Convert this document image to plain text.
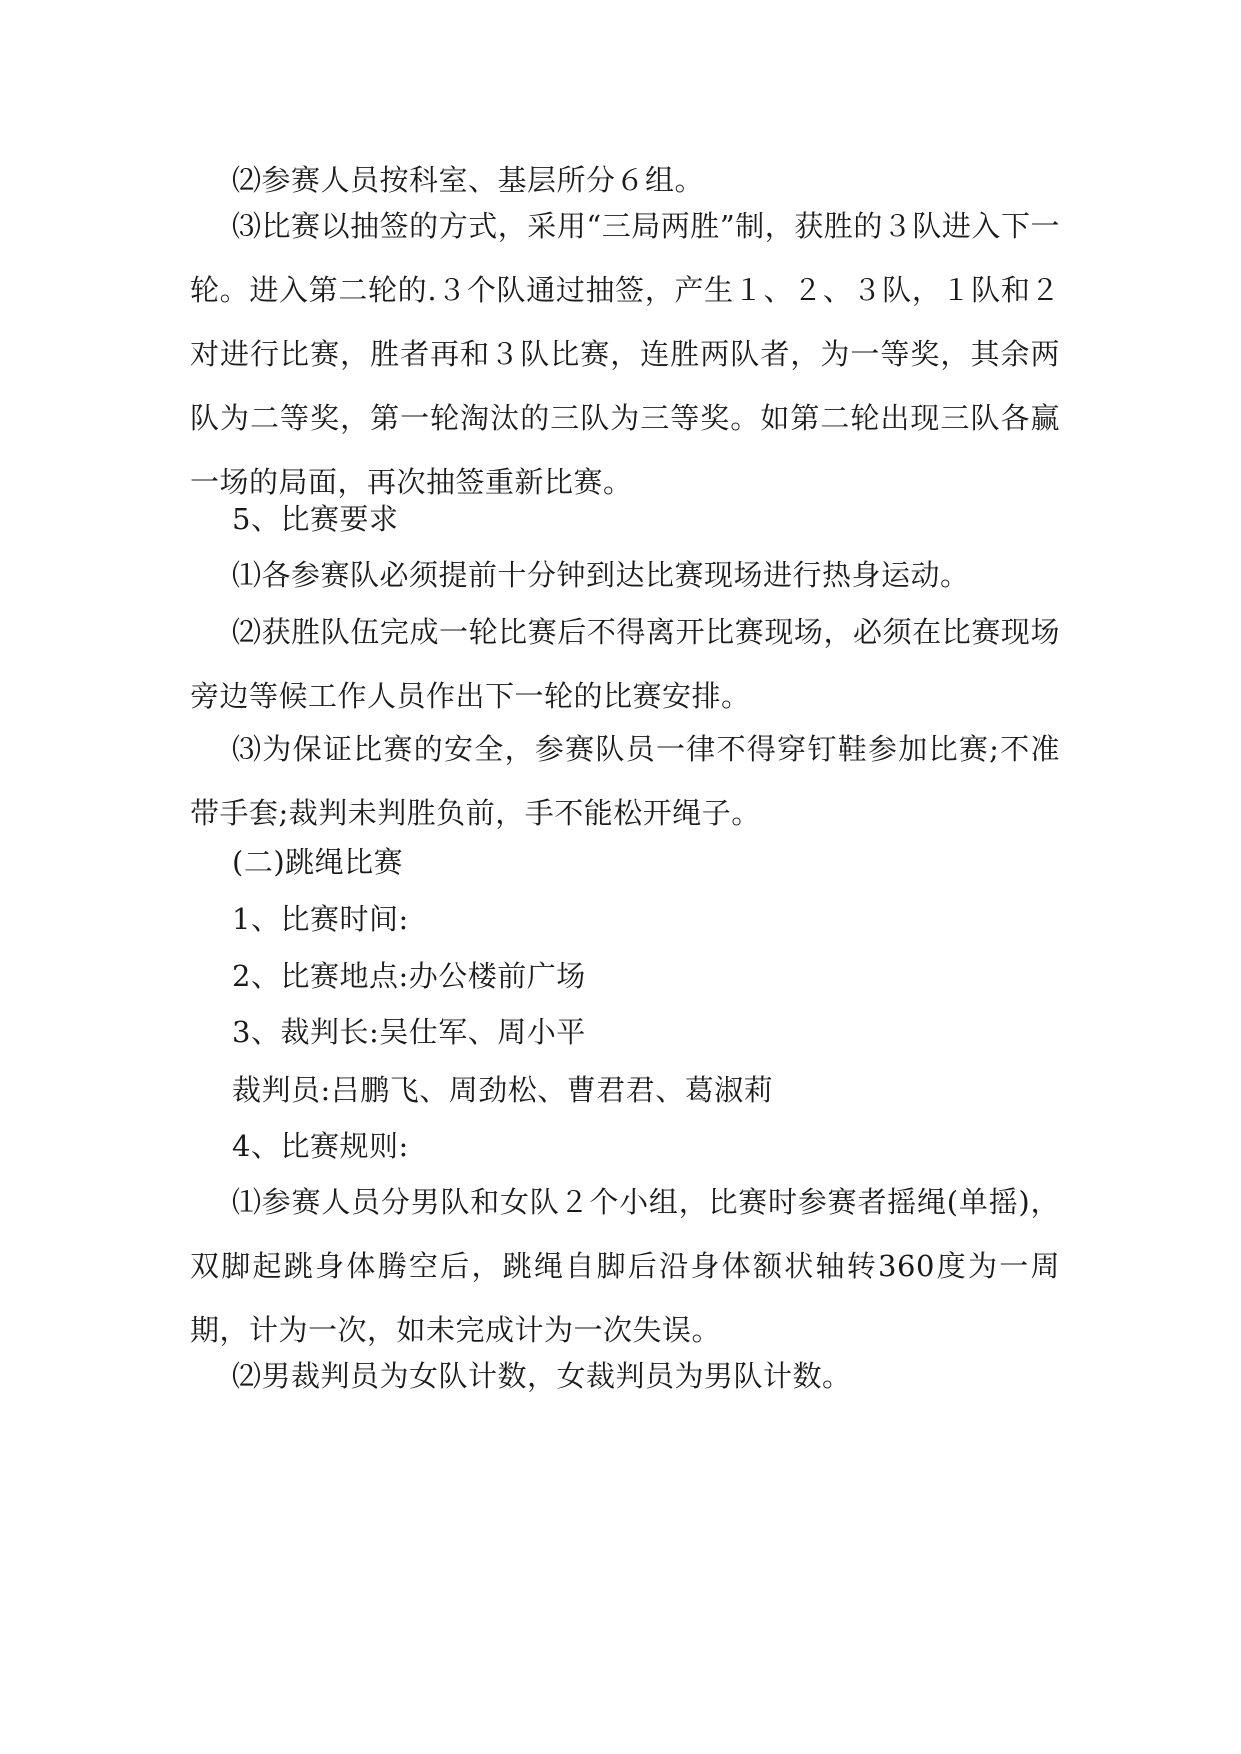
⑵参赛人员按科室、基层所分６组。

⑶比赛以抽签的方式，采用“三局两胜”制，获胜的３队进入下一轮。进入第二轮的.３个队通过抽签，产生１、２、３队，１队和２对进行比赛，胜者再和３队比赛，连胜两队者，为一等奖，其余两队为二等奖，第一轮淘汰的三队为三等奖。如第二轮出现三队各赢一场的局面，再次抽签重新比赛。

5、比赛要求

⑴各参赛队必须提前十分钟到达比赛现场进行热身运动。

⑵获胜队伍完成一轮比赛后不得离开比赛现场，必须在比赛现场旁边等候工作人员作出下一轮的比赛安排。

⑶为保证比赛的安全，参赛队员一律不得穿钉鞋参加比赛;不准带手套;裁判未判胜负前，手不能松开绳子。

(二)跳绳比赛

1、比赛时间:

2、比赛地点:办公楼前广场

3、裁判长:吴仕军、周小平

裁判员:吕鹏飞、周劲松、曹君君、葛淑莉

4、比赛规则:

⑴参赛人员分男队和女队２个小组，比赛时参赛者摇绳(单摇)，双脚起跳身体腾空后，跳绳自脚后沿身体额状轴转360度为一周期，计为一次，如未完成计为一次失误。

⑵男裁判员为女队计数，女裁判员为男队计数。
